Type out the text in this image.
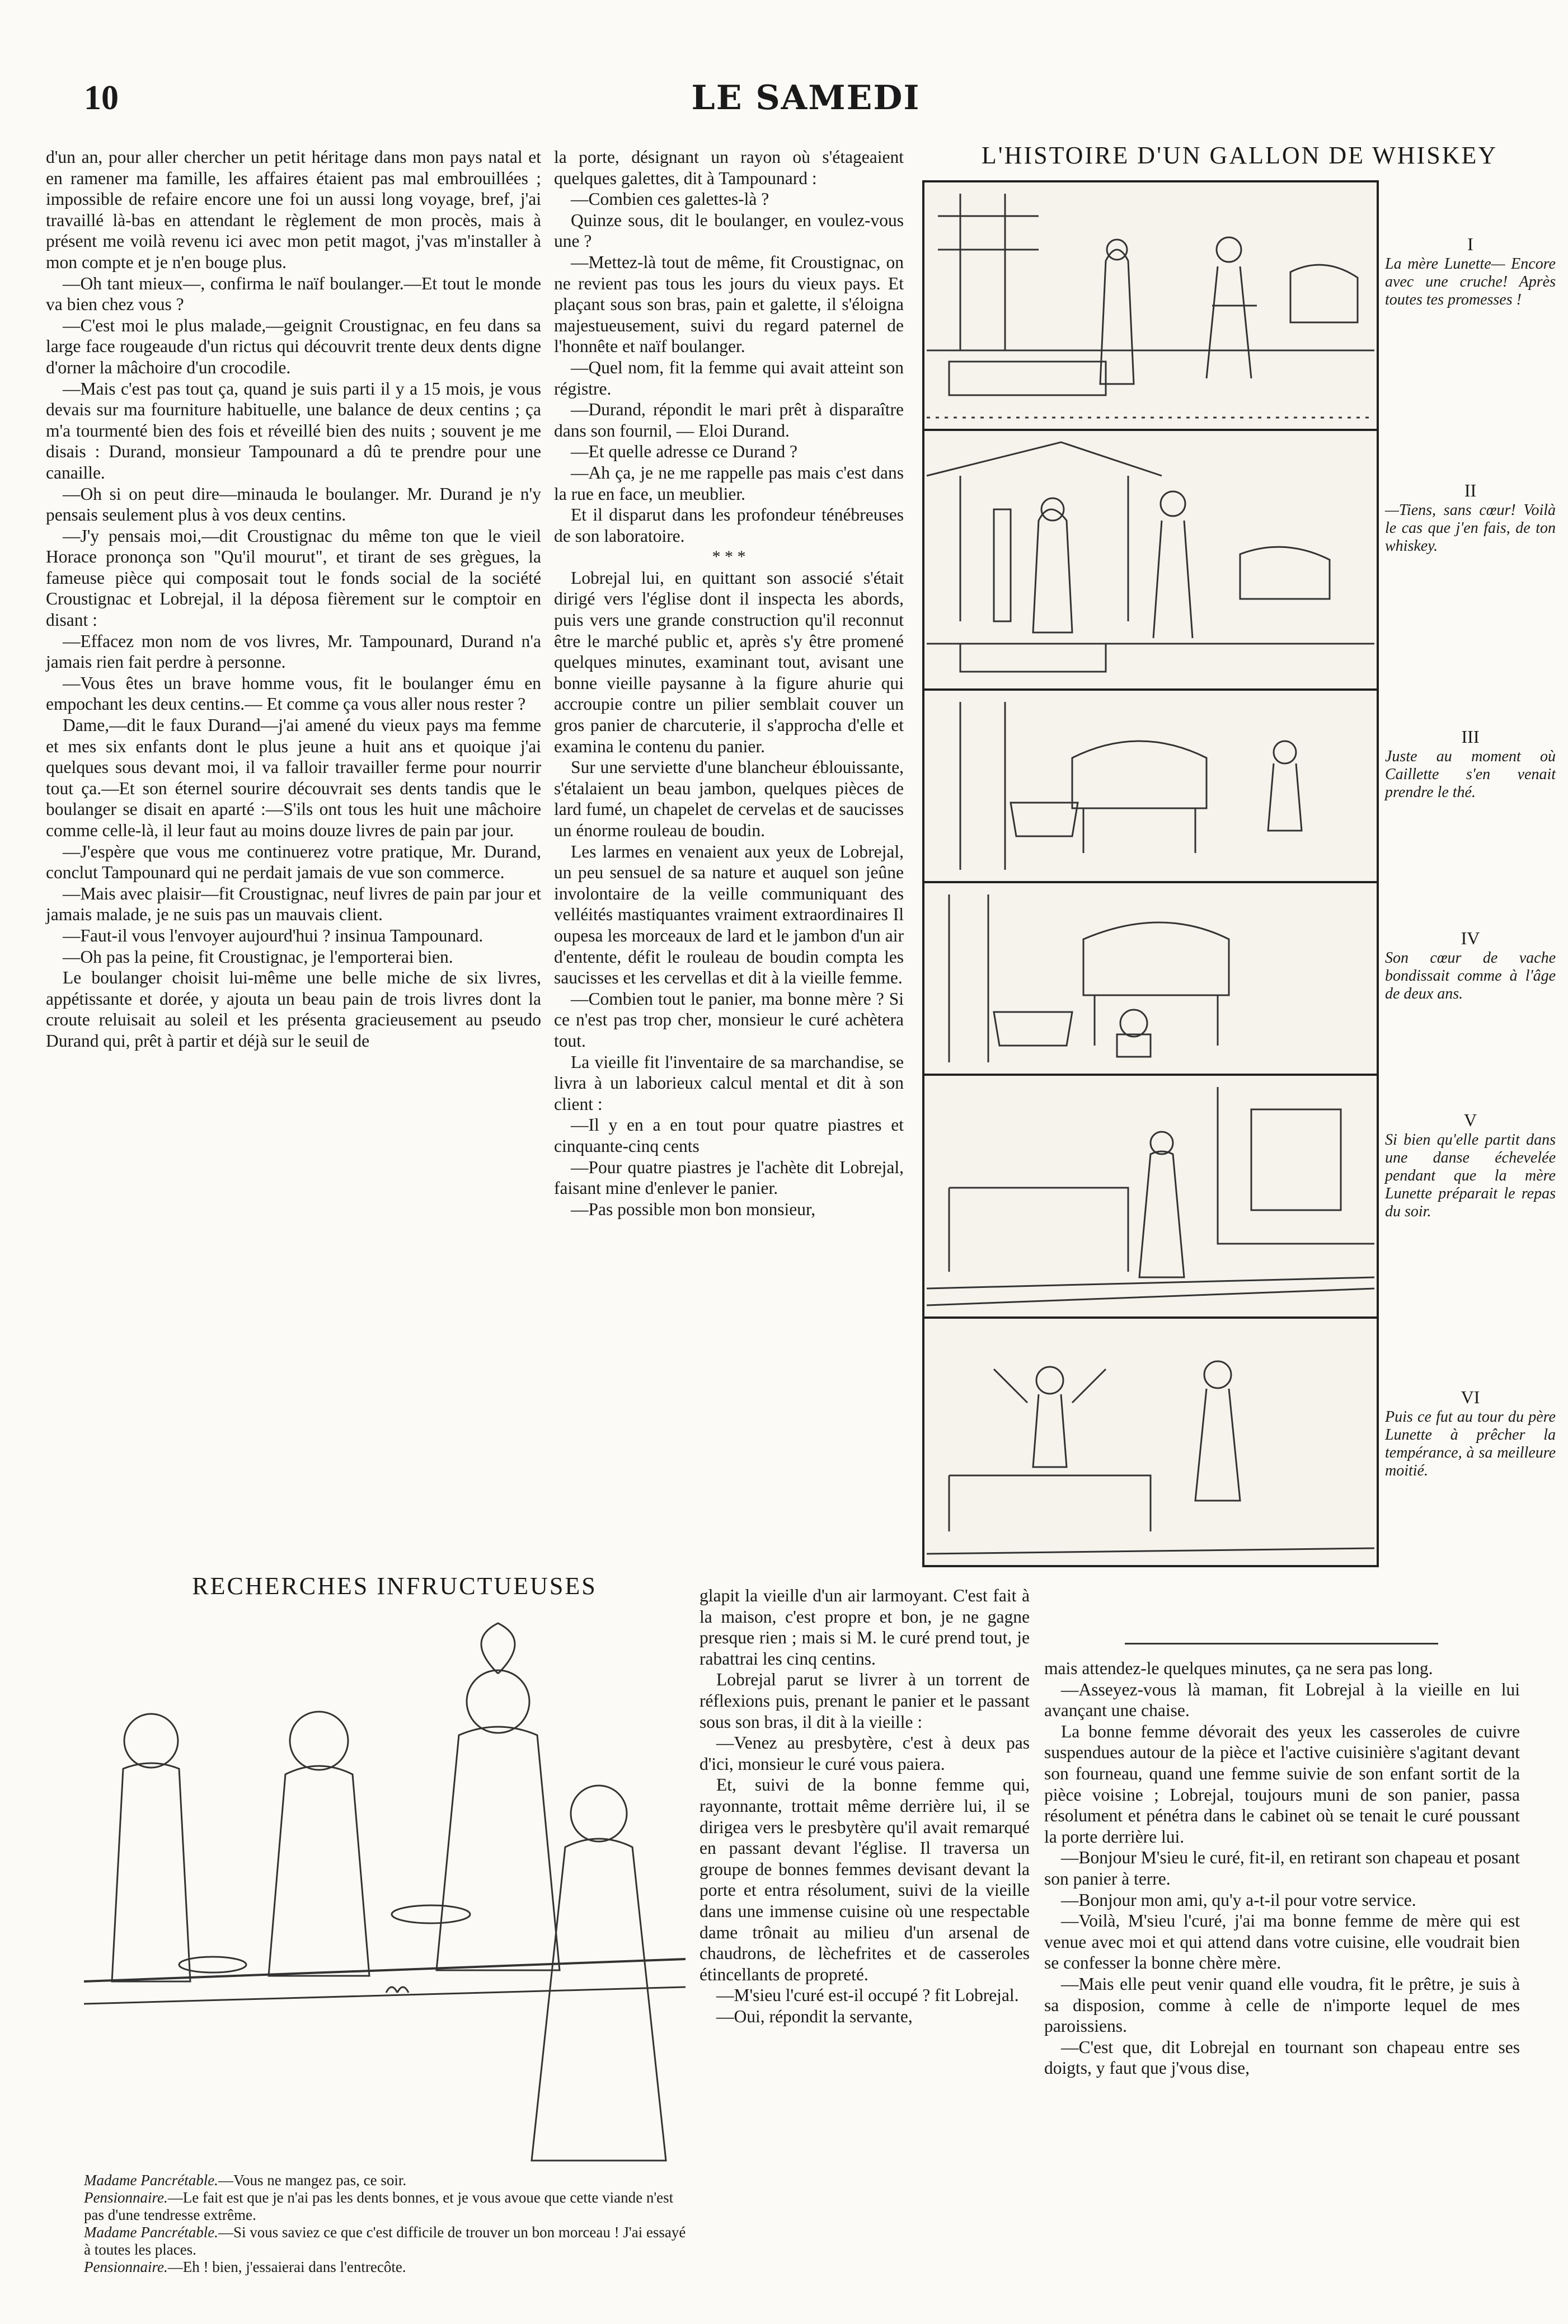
10	LE SAMEDI

d'un an, pour aller chercher un petit héritage dans mon pays natal et en ramener ma famille, les affaires étaient pas mal embrouillées ; impossible de refaire encore une foi un aussi long voyage, bref, j'ai travaillé là-bas en attendant le règlement de mon procès, mais à présent me voilà revenu ici avec mon petit magot, j'vas m'installer à mon compte et je n'en bouge plus.

—Oh tant mieux—, confirma le naïf boulanger.—Et tout le monde va bien chez vous ?

—C'est moi le plus malade,—geignit Croustignac, en feu dans sa large face rougeaude d'un rictus qui découvrit trente deux dents digne d'orner la mâchoire d'un crocodile.

—Mais c'est pas tout ça, quand je suis parti il y a 15 mois, je vous devais sur ma fourniture habituelle, une balance de deux centins ; ça m'a tourmenté bien des fois et réveillé bien des nuits ; souvent je me disais : Durand, monsieur Tampounard a dû te prendre pour une canaille.

—Oh si on peut dire—minauda le boulanger. Mr. Durand je n'y pensais seulement plus à vos deux centins.

—J'y pensais moi,—dit Croustignac du même ton que le vieil Horace prononça son "Qu'il mourut", et tirant de ses grègues, la fameuse pièce qui composait tout le fonds social de la société Croustignac et Lobrejal, il la déposa fièrement sur le comptoir en disant :

—Effacez mon nom de vos livres, Mr. Tampounard, Durand n'a jamais rien fait perdre à personne.

—Vous êtes un brave homme vous, fit le boulanger ému en empochant les deux centins.— Et comme ça vous aller nous rester ?

Dame,—dit le faux Durand—j'ai amené du vieux pays ma femme et mes six enfants dont le plus jeune a huit ans et quoique j'ai quelques sous devant moi, il va falloir travailler ferme pour nourrir tout ça.—Et son éternel sourire découvrait ses dents tandis que le boulanger se disait en aparté :—S'ils ont tous les huit une mâchoire comme celle-là, il leur faut au moins douze livres de pain par jour.

—J'espère que vous me continuerez votre pratique, Mr. Durand, conclut Tampounard qui ne perdait jamais de vue son commerce.

—Mais avec plaisir—fit Croustignac, neuf livres de pain par jour et jamais malade, je ne suis pas un mauvais client.

—Faut-il vous l'envoyer aujourd'hui ? insinua Tampounard.

—Oh pas la peine, fit Croustignac, je l'emporterai bien.

Le boulanger choisit lui-même une belle miche de six livres, appétissante et dorée, y ajouta un beau pain de trois livres dont la croute reluisait au soleil et les présenta gracieusement au pseudo Durand qui, prêt à partir et déjà sur le seuil de

la porte, désignant un rayon où s'étageaient quelques galettes, dit à Tampounard :

—Combien ces galettes-là ?

Quinze sous, dit le boulanger, en voulez-vous une ?

—Mettez-là tout de même, fit Croustignac, on ne revient pas tous les jours du vieux pays. Et plaçant sous son bras, pain et galette, il s'éloigna majestueusement, suivi du regard paternel de l'honnête et naïf boulanger.

—Quel nom, fit la femme qui avait atteint son régistre.

—Durand, répondit le mari prêt à disparaître dans son fournil, — Eloi Durand.

—Et quelle adresse ce Durand ?

—Ah ça, je ne me rappelle pas mais c'est dans la rue en face, un meublier.

Et il disparut dans les profondeur ténébreuses de son laboratoire.

* * *

Lobrejal lui, en quittant son associé s'était dirigé vers l'église dont il inspecta les abords, puis vers une grande construction qu'il reconnut être le marché public et, après s'y être promené quelques minutes, examinant tout, avisant une bonne vieille paysanne à la figure ahurie qui accroupie contre un pilier semblait couver un gros panier de charcuterie, il s'approcha d'elle et examina le contenu du panier.

Sur une serviette d'une blancheur éblouissante, s'étalaient un beau jambon, quelques pièces de lard fumé, un chapelet de cervelas et de saucisses un énorme rouleau de boudin.

Les larmes en venaient aux yeux de Lobrejal, un peu sensuel de sa nature et auquel son jeûne involontaire de la veille communiquant des velléités mastiquantes vraiment extraordinaires Il oupesa les morceaux de lard et le jambon d'un air d'entente, défit le rouleau de boudin compta les saucisses et les cervellas et dit à la vieille femme.

—Combien tout le panier, ma bonne mère ? Si ce n'est pas trop cher, monsieur le curé achètera tout.

La vieille fit l'inventaire de sa marchandise, se livra à un laborieux calcul mental et dit à son client :

—Il y en a en tout pour quatre piastres et cinquante-cinq cents

—Pour quatre piastres je l'achète dit Lobrejal, faisant mine d'enlever le panier.

—Pas possible mon bon monsieur,

glapit la vieille d'un air larmoyant. C'est fait à la maison, c'est propre et bon, je ne gagne presque rien ; mais si M. le curé prend tout, je rabattrai les cinq centins.

Lobrejal parut se livrer à un torrent de réflexions puis, prenant le panier et le passant sous son bras, il dit à la vieille :

—Venez au presbytère, c'est à deux pas d'ici, monsieur le curé vous paiera.

Et, suivi de la bonne femme qui, rayonnante, trottait même derrière lui, il se dirigea vers le presbytère qu'il avait remarqué en passant devant l'église. Il traversa un groupe de bonnes femmes devisant devant la porte et entra résolument, suivi de la vieille dans une immense cuisine où une respectable dame trônait au milieu d'un arsenal de chaudrons, de lèchefrites et de casseroles étincellants de propreté.

—M'sieu l'curé est-il occupé ? fit Lobrejal.

—Oui, répondit la servante,

mais attendez-le quelques minutes, ça ne sera pas long.

—Asseyez-vous là maman, fit Lobrejal à la vieille en lui avançant une chaise.

La bonne femme dévorait des yeux les casseroles de cuivre suspendues autour de la pièce et l'active cuisinière s'agitant devant son fourneau, quand une femme suivie de son enfant sortit de la pièce voisine ; Lobrejal, toujours muni de son panier, passa résolument et pénétra dans le cabinet où se tenait le curé poussant la porte derrière lui.

—Bonjour M'sieu le curé, fit-il, en retirant son chapeau et posant son panier à terre.

—Bonjour mon ami, qu'y a-t-il pour votre service.

—Voilà, M'sieu l'curé, j'ai ma bonne femme de mère qui est venue avec moi et qui attend dans votre cuisine, elle voudrait bien se confesser la bonne chère mère.

—Mais elle peut venir quand elle voudra, fit le prêtre, je suis à sa disposion, comme à celle de n'importe lequel de mes paroissiens.

—C'est que, dit Lobrejal en tournant son chapeau entre ses doigts, y faut que j'vous dise,

L'HISTOIRE D'UN GALLON DE WHISKEY
I
La mère Lunette— Encore avec une cruche! Après toutes tes promesses !
II
—Tiens, sans cœur! Voilà le cas que j'en fais, de ton whiskey.
III
Juste au moment où Caillette s'en venait prendre le thé.
IV
Son cœur de vache bondissait comme à l'âge de deux ans.
V
Si bien qu'elle partit dans une danse échevelée pendant que la mère Lunette préparait le repas du soir.
VI
Puis ce fut au tour du père Lunette à prêcher la tempérance, à sa meilleure moitié.
RECHERCHES INFRUCTUEUSES

Madame Pancrétable.—Vous ne mangez pas, ce soir.

Pensionnaire.—Le fait est que je n'ai pas les dents bonnes, et je vous avoue que cette viande n'est pas d'une tendresse extrême.

Madame Pancrétable.—Si vous saviez ce que c'est difficile de trouver un bon morceau ! J'ai essayé à toutes les places.

Pensionnaire.—Eh ! bien, j'essaierai dans l'entrecôte.
